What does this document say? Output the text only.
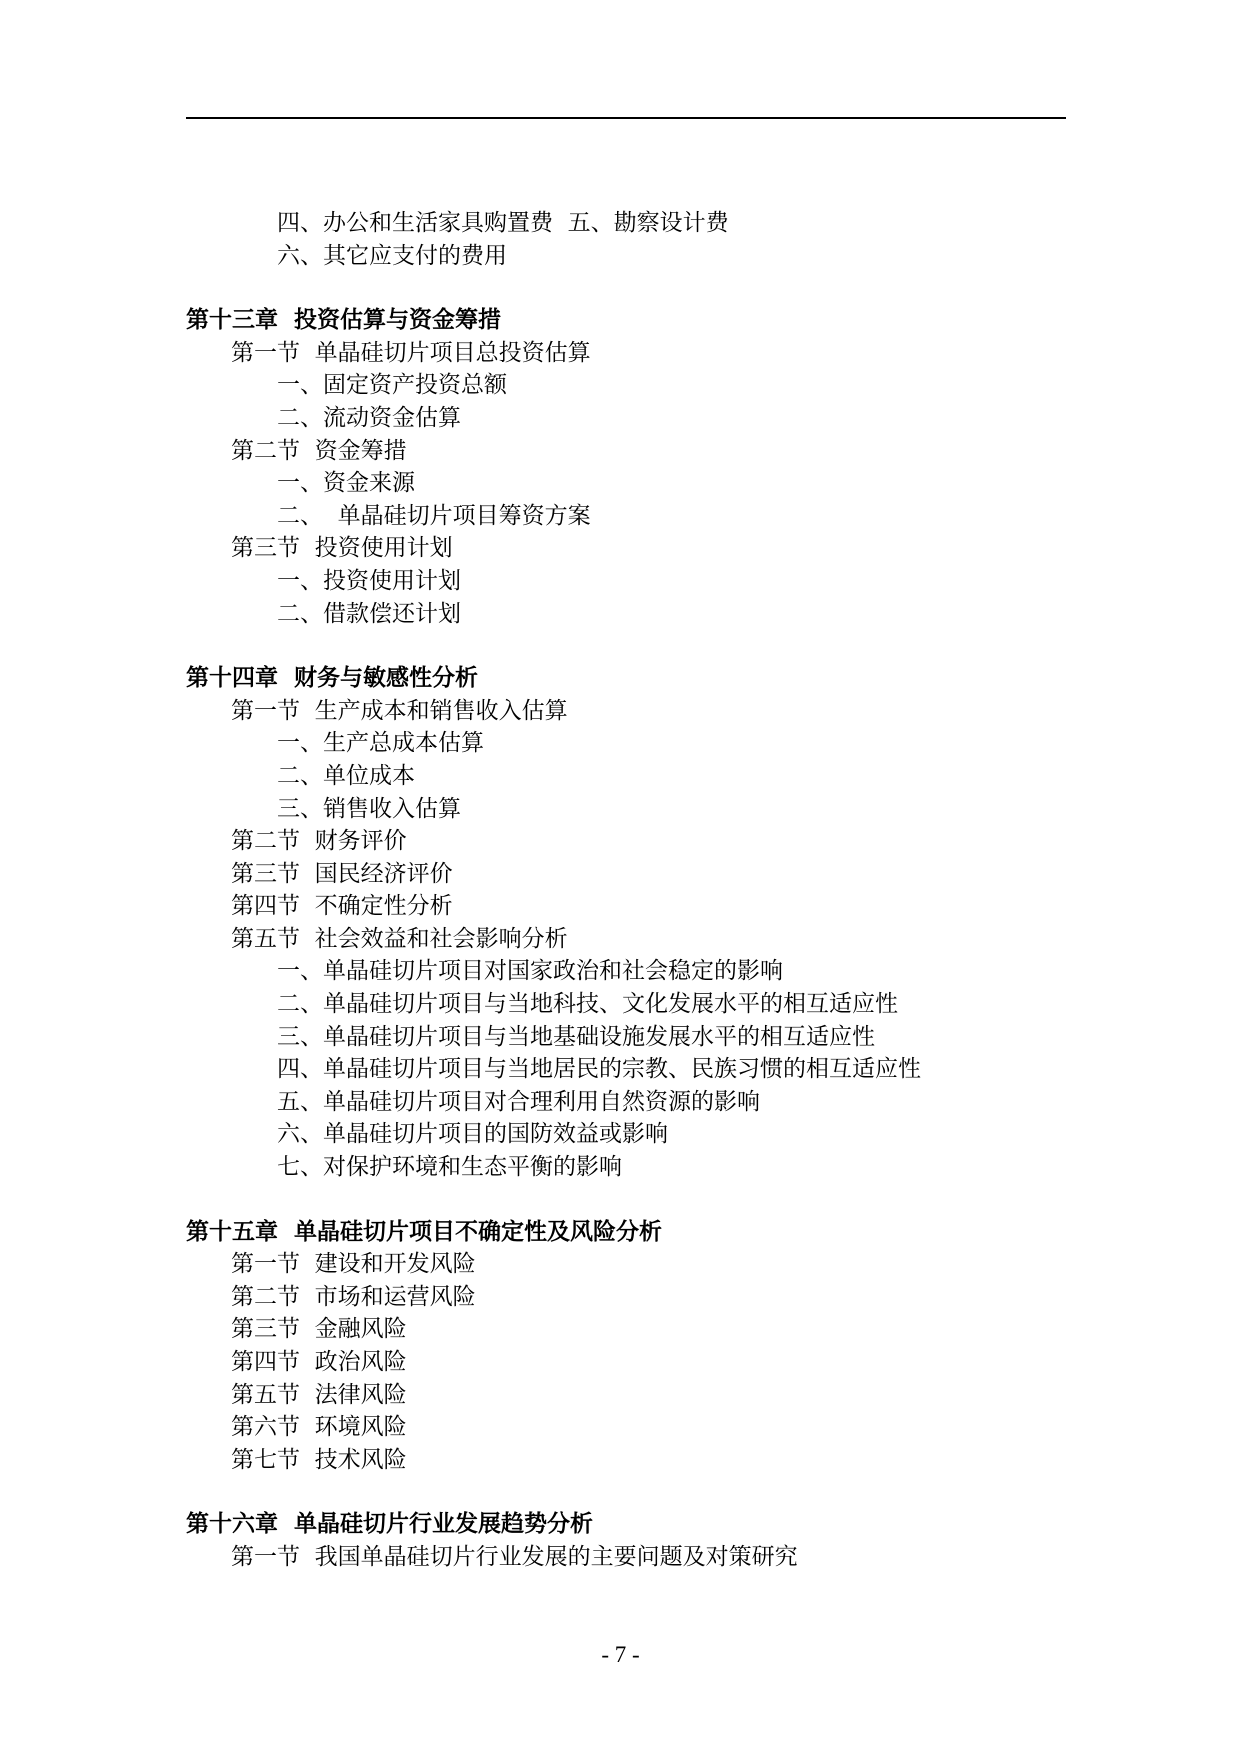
四、办公和生活家具购置费  五、勘察设计费
六、其它应支付的费用
第十三章  投资估算与资金筹措
第一节  单晶硅切片项目总投资估算
一、固定资产投资总额
二、流动资金估算
第二节  资金筹措
一、资金来源
二、  单晶硅切片项目筹资方案
第三节  投资使用计划
一、投资使用计划
二、借款偿还计划
第十四章  财务与敏感性分析
第一节  生产成本和销售收入估算
一、生产总成本估算
二、单位成本
三、销售收入估算
第二节  财务评价
第三节  国民经济评价
第四节  不确定性分析
第五节  社会效益和社会影响分析
一、单晶硅切片项目对国家政治和社会稳定的影响
二、单晶硅切片项目与当地科技、文化发展水平的相互适应性
三、单晶硅切片项目与当地基础设施发展水平的相互适应性
四、单晶硅切片项目与当地居民的宗教、民族习惯的相互适应性
五、单晶硅切片项目对合理利用自然资源的影响
六、单晶硅切片项目的国防效益或影响
七、对保护环境和生态平衡的影响
第十五章  单晶硅切片项目不确定性及风险分析
第一节  建设和开发风险
第二节  市场和运营风险
第三节  金融风险
第四节  政治风险
第五节  法律风险
第六节  环境风险
第七节  技术风险
第十六章  单晶硅切片行业发展趋势分析
第一节  我国单晶硅切片行业发展的主要问题及对策研究
- 7 -
